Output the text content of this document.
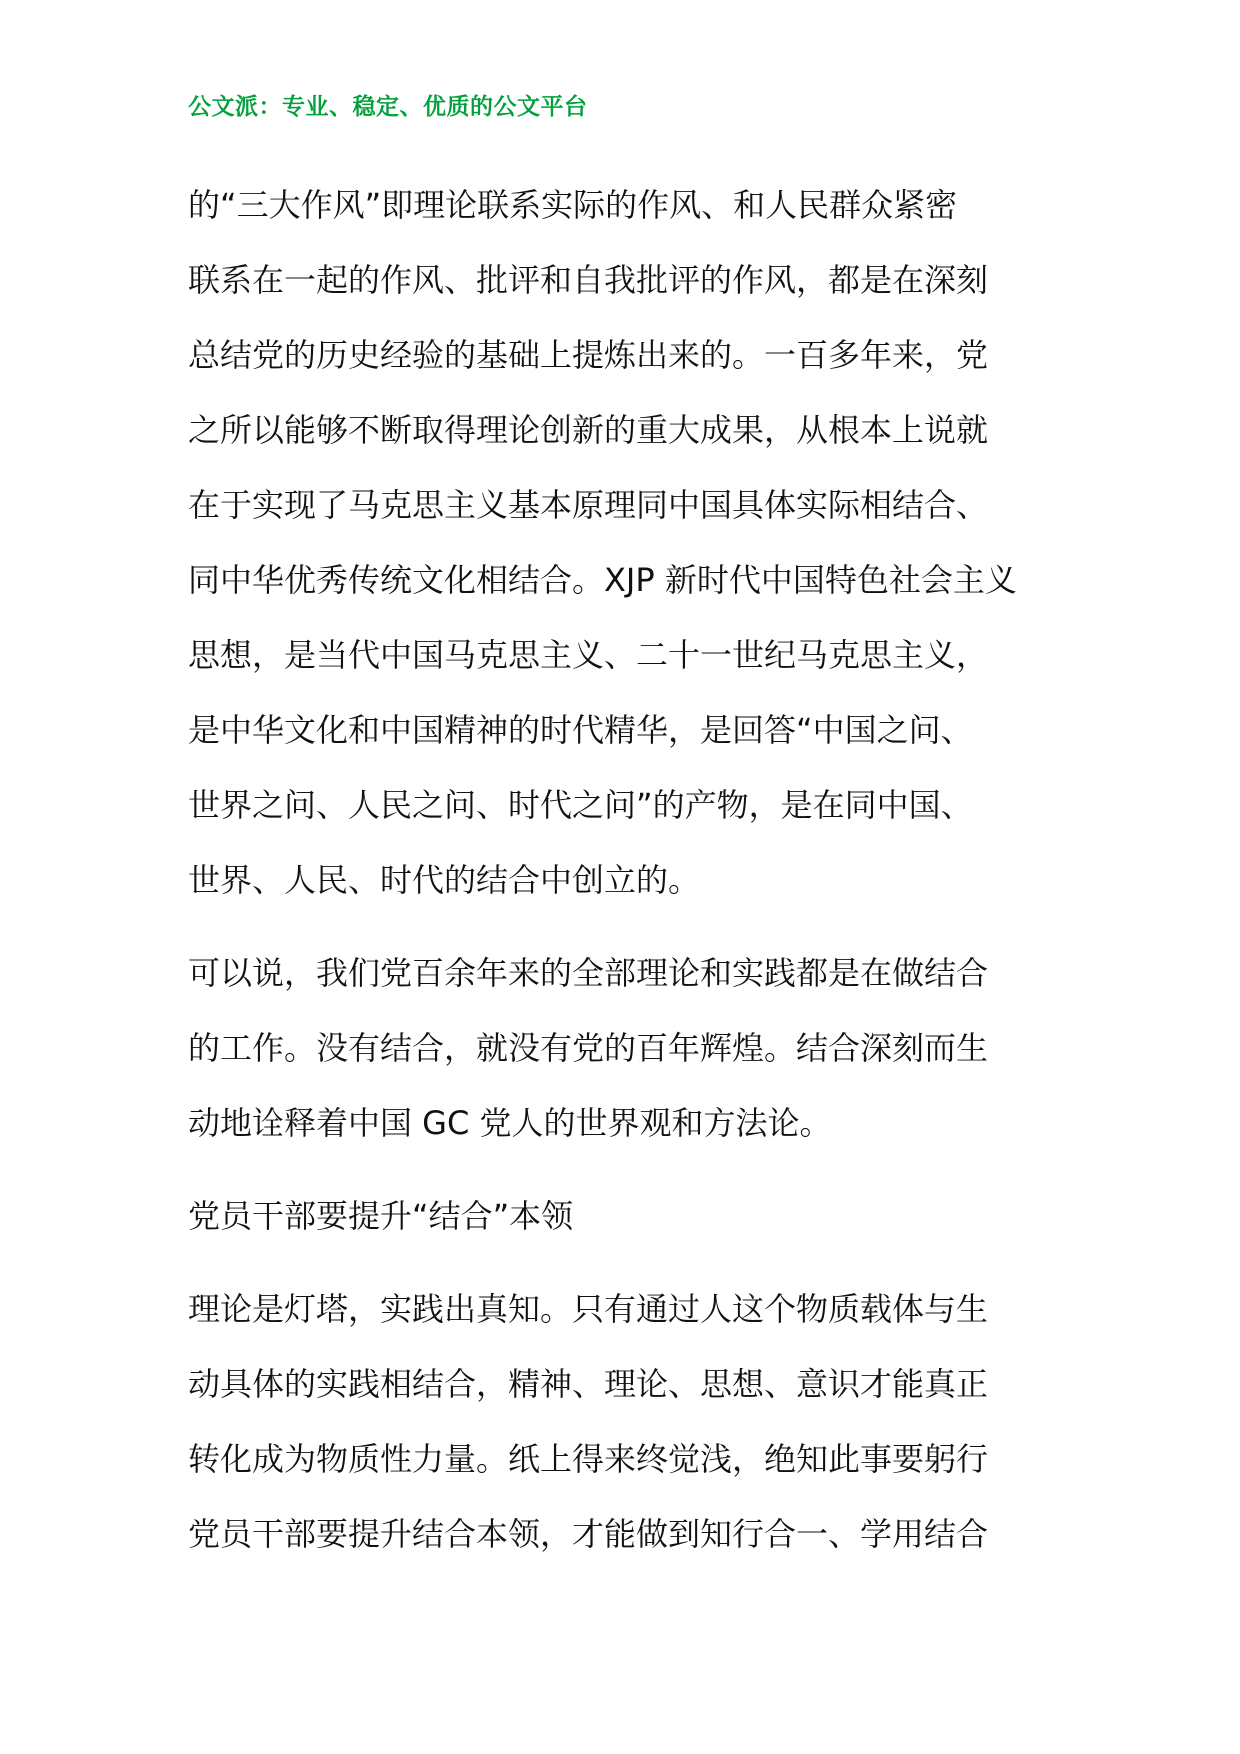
公文派：专业、稳定、优质的公文平台

的“三大作风”即理论联系实际的作风、和人民群众紧密
联系在一起的作风、批评和自我批评的作风，都是在深刻
总结党的历史经验的基础上提炼出来的。一百多年来，党
之所以能够不断取得理论创新的重大成果，从根本上说就
在于实现了马克思主义基本原理同中国具体实际相结合、
同中华优秀传统文化相结合。XJP 新时代中国特色社会主义
思想，是当代中国马克思主义、二十一世纪马克思主义，
是中华文化和中国精神的时代精华，是回答“中国之问、
世界之问、人民之问、时代之问”的产物，是在同中国、
世界、人民、时代的结合中创立的。

可以说，我们党百余年来的全部理论和实践都是在做结合
的工作。没有结合，就没有党的百年辉煌。结合深刻而生
动地诠释着中国 GC 党人的世界观和方法论。

党员干部要提升“结合”本领

理论是灯塔，实践出真知。只有通过人这个物质载体与生
动具体的实践相结合，精神、理论、思想、意识才能真正
转化成为物质性力量。纸上得来终觉浅，绝知此事要躬行
党员干部要提升结合本领，才能做到知行合一、学用结合
